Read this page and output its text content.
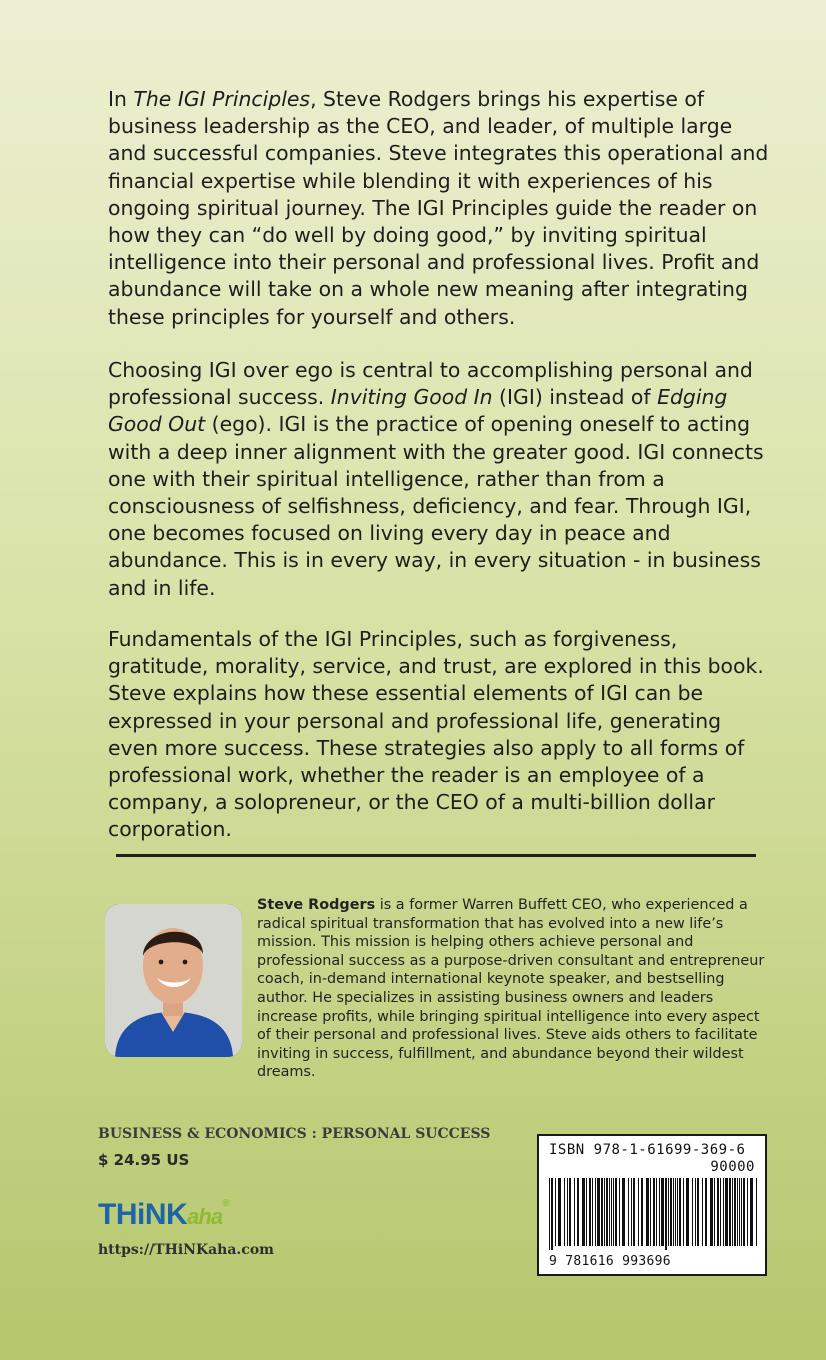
In The IGI Principles, Steve Rodgers brings his expertise of business leadership as the CEO, and leader, of multiple large and successful companies. Steve integrates this operational and financial expertise while blending it with experiences of his ongoing spiritual journey. The IGI Principles guide the reader on how they can “do well by doing good,” by inviting spiritual intelligence into their personal and professional lives. Profit and abundance will take on a whole new meaning after integrating these principles for yourself and others.

Choosing IGI over ego is central to accomplishing personal and professional success. Inviting Good In (IGI) instead of Edging Good Out (ego). IGI is the practice of opening oneself to acting with a deep inner alignment with the greater good. IGI connects one with their spiritual intelligence, rather than from a consciousness of selfishness, deficiency, and fear. Through IGI, one becomes focused on living every day in peace and abundance. This is in every way, in every situation - in business and in life.

Fundamentals of the IGI Principles, such as forgiveness, gratitude, morality, service, and trust, are explored in this book. Steve explains how these essential elements of IGI can be expressed in your personal and professional life, generating even more success. These strategies also apply to all forms of professional work, whether the reader is an employee of a company, a solopreneur, or the CEO of a multi-billion dollar corporation.

Steve Rodgers is a former Warren Buffett CEO, who experienced a radical spiritual transformation that has evolved into a new life’s mission. This mission is helping others achieve personal and professional success as a purpose-driven consultant and entrepreneur coach, in-demand international keynote speaker, and bestselling author. He specializes in assisting business owners and leaders increase profits, while bringing spiritual intelligence into every aspect of their personal and professional lives. Steve aids others to facilitate inviting in success, fulfillment, and abundance beyond their wildest dreams.

BUSINESS & ECONOMICS : PERSONAL SUCCESS
$ 24.95 US
THiNKaha®
https://THiNKaha.com
ISBN 978-1-61699-369-6
90000
9 781616 993696
